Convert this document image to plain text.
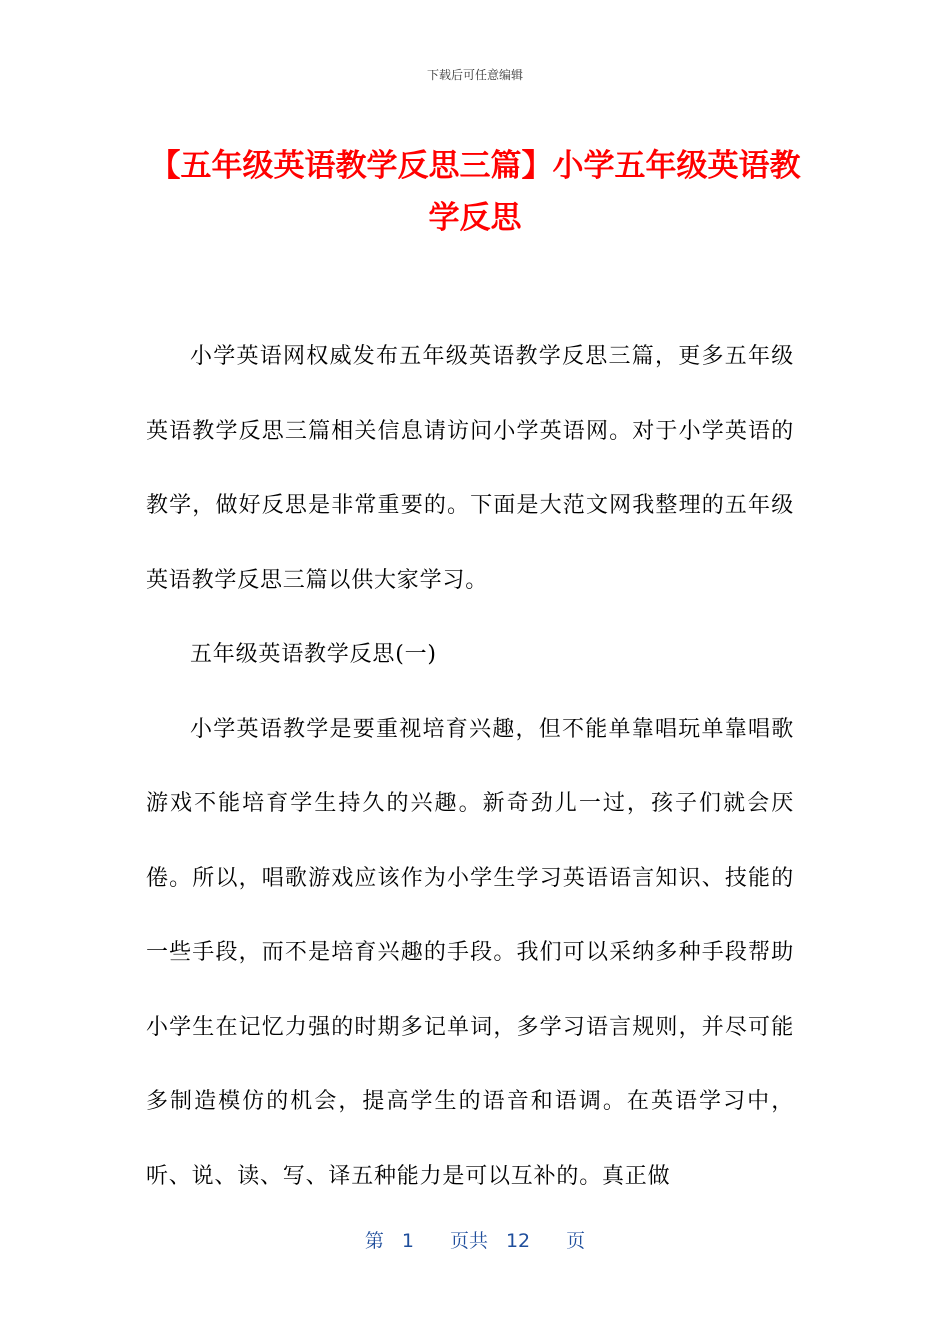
下载后可任意编辑
【五年级英语教学反思三篇】小学五年级英语教学反思

小学英语网权威发布五年级英语教学反思三篇，更多五年级英语教学反思三篇相关信息请访问小学英语网。对于小学英语的教学，做好反思是非常重要的。下面是大范文网我整理的五年级英语教学反思三篇以供大家学习。

五年级英语教学反思(一)

小学英语教学是要重视培育兴趣，但不能单靠唱玩单靠唱歌游戏不能培育学生持久的兴趣。新奇劲儿一过，孩子们就会厌倦。所以，唱歌游戏应该作为小学生学习英语语言知识、技能的一些手段，而不是培育兴趣的手段。我们可以采纳多种手段帮助小学生在记忆力强的时期多记单词，多学习语言规则，并尽可能多制造模仿的机会，提高学生的语音和语调。在英语学习中，听、说、读、写、译五种能力是可以互补的。真正做

第 1 页共 12 页
